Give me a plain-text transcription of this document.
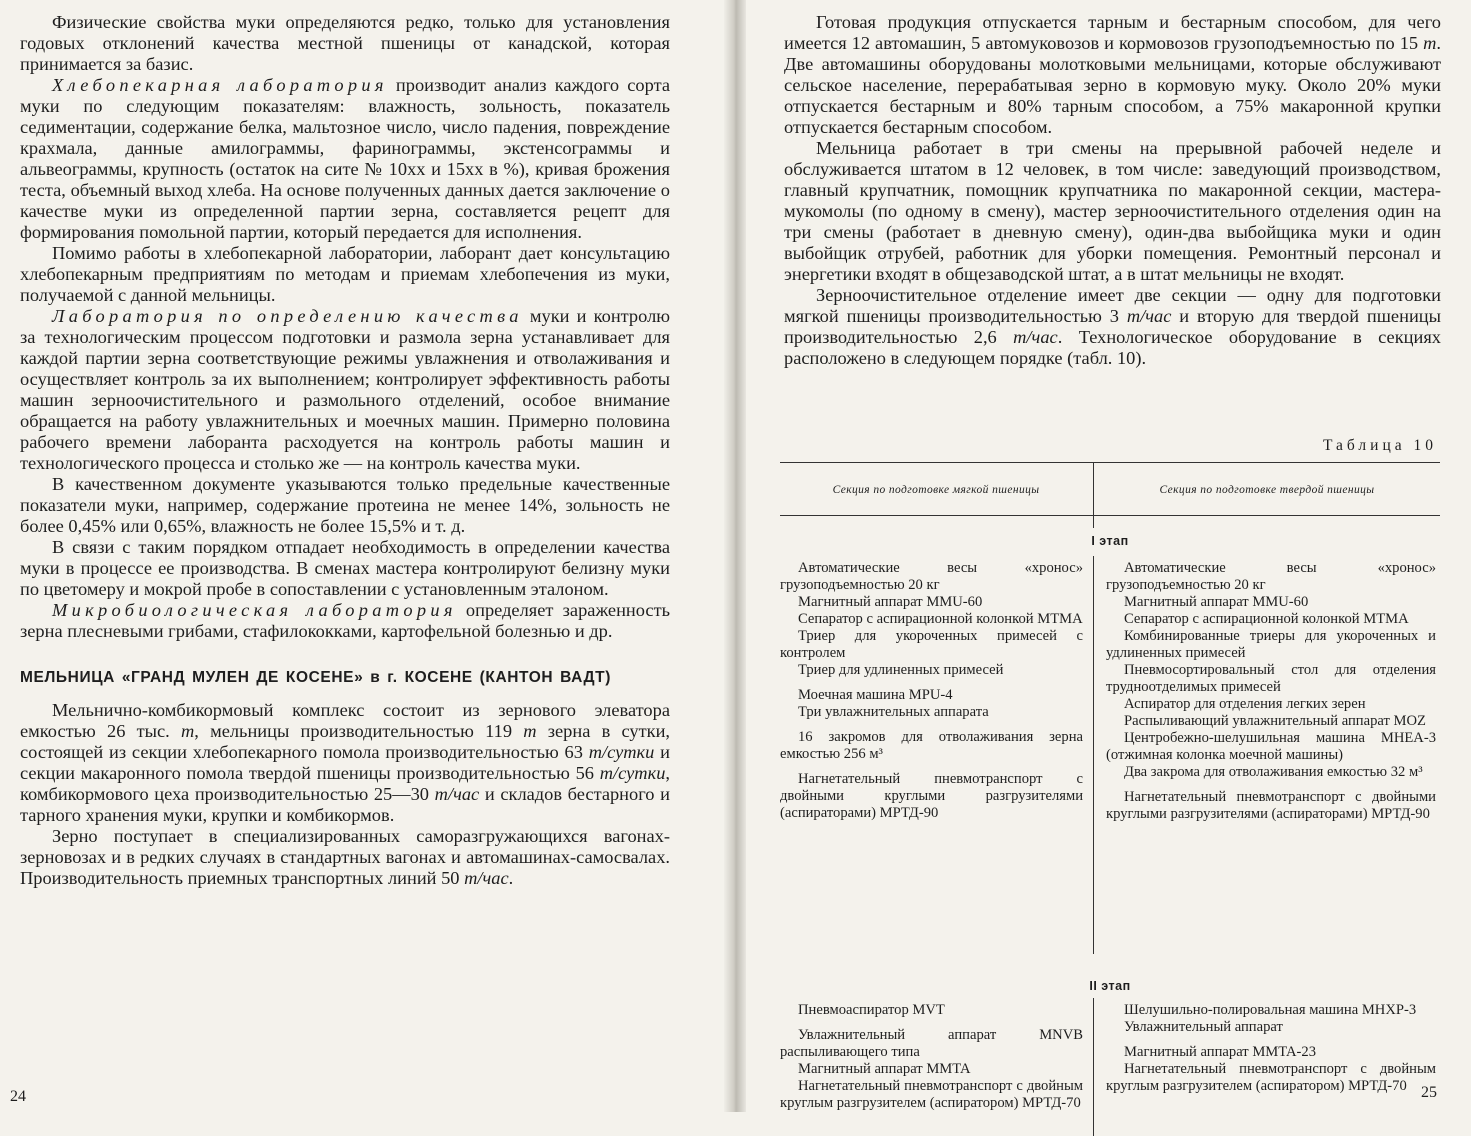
Физические свойства муки определяются редко, только для установления годовых отклонений качества местной пшеницы от канадской, которая принимается за базис.

Хлебопекарная лаборатория производит анализ каждого сорта муки по следующим показателям: влажность, зольность, показатель седиментации, содержание белка, мальтозное число, число падения, повреждение крахмала, данные амилограммы, фаринограммы, экстенсограммы и альвеограммы, крупность (остаток на сите № 10хх и 15хх в %), кривая брожения теста, объемный выход хлеба. На основе полученных данных дается заключение о качестве муки из определенной партии зерна, составляется рецепт для формирования помольной партии, который передается для исполнения.

Помимо работы в хлебопекарной лаборатории, лаборант дает консультацию хлебопекарным предприятиям по методам и приемам хлебопечения из муки, получаемой с данной мельницы.

Лаборатория по определению качества муки и контролю за технологическим процессом подготовки и размола зерна устанавливает для каждой партии зерна соответствующие режимы увлажнения и отволаживания и осуществляет контроль за их выполнением; контролирует эффективность работы машин зерноочистительного и размольного отделений, особое внимание обращается на работу увлажнительных и моечных машин. Примерно половина рабочего времени лаборанта расходуется на контроль работы машин и технологического процесса и столько же — на контроль качества муки.

В качественном документе указываются только предельные качественные показатели муки, например, содержание протеина не менее 14%, зольность не более 0,45% или 0,65%, влажность не более 15,5% и т. д.

В связи с таким порядком отпадает необходимость в определении качества муки в процессе ее производства. В сменах мастера контролируют белизну муки по цветомеру и мокрой пробе в сопоставлении с установленным эталоном.

Микробиологическая лаборатория определяет зараженность зерна плесневыми грибами, стафилококками, картофельной болезнью и др.

МЕЛЬНИЦА «ГРАНД МУЛЕН ДЕ КОСЕНЕ» в г. КОСЕНЕ (КАНТОН ВАДТ)

Мельнично-комбикормовый комплекс состоит из зернового элеватора емкостью 26 тыс. т, мельницы производительностью 119 т зерна в сутки, состоящей из секции хлебопекарного помола производительностью 63 т/сутки и секции макаронного помола твердой пшеницы производительностью 56 т/сутки, комбикормового цеха производительностью 25—30 т/час и складов бестарного и тарного хранения муки, крупки и комбикормов.

Зерно поступает в специализированных саморазгружающихся вагонах-зерновозах и в редких случаях в стандартных вагонах и автомашинах-самосвалах. Производительность приемных транспортных линий 50 т/час.

24

Готовая продукция отпускается тарным и бестарным способом, для чего имеется 12 автомашин, 5 автомуковозов и кормовозов грузоподъемностью по 15 т. Две автомашины оборудованы молотковыми мельницами, которые обслуживают сельское население, перерабатывая зерно в кормовую муку. Около 20% муки отпускается бестарным и 80% тарным способом, а 75% макаронной крупки отпускается бестарным способом.

Мельница работает в три смены на прерывной рабочей неделе и обслуживается штатом в 12 человек, в том числе: заведующий производством, главный крупчатник, помощник крупчатника по макаронной секции, мастера-мукомолы (по одному в смену), мастер зерноочистительного отделения один на три смены (работает в дневную смену), один-два выбойщика муки и один выбойщик отрубей, работник для уборки помещения. Ремонтный персонал и энергетики входят в общезаводской штат, а в штат мельницы не входят.

Зерноочистительное отделение имеет две секции — одну для подготовки мягкой пшеницы производительностью 3 т/час и вторую для твердой пшеницы производительностью 2,6 т/час. Технологическое оборудование в секциях расположено в следующем порядке (табл. 10).

Таблица 10
Секция по подготовке мягкой пшеницы	Секция по подготовке твердой пшеницы
I этап

Автоматические весы «хронос» грузоподъемностью 20 кг

Магнитный аппарат MMU-60

Сепаратор с аспирационной колонкой MTMA

Триер для укороченных примесей с контролем

Триер для удлиненных примесей

Моечная машина MPU-4

Три увлажнительных аппарата

16 закромов для отволаживания зерна емкостью 256 м³

Нагнетательный пневмотранспорт с двойными круглыми разгрузителями (аспираторами) МРТД-90

Автоматические весы «хронос» грузоподъемностью 20 кг

Магнитный аппарат MMU-60

Сепаратор с аспирационной колонкой MTMA

Комбинированные триеры для укороченных и удлиненных примесей

Пневмосортировальный стол для отделения трудноотделимых примесей

Аспиратор для отделения легких зерен

Распыливающий увлажнительный аппарат MOZ

Центробежно-шелушильная машина MHEA-3 (отжимная колонка моечной машины)

Два закрома для отволаживания емкостью 32 м³

Нагнетательный пневмотранспорт с двойными круглыми разгрузителями (аспираторами) МРТД-90

II этап

Пневмоаспиратор MVT

Увлажнительный аппарат MNVB распыливающего типа

Магнитный аппарат MMTA

Нагнетательный пневмотранспорт с двойным круглым разгрузителем (аспиратором) МРТД-70

Шелушильно-полировальная машина MHXP-3

Увлажнительный аппарат

Магнитный аппарат MMTA-23

Нагнетательный пневмотранспорт с двойным круглым разгрузителем (аспиратором) МРТД-70 25
